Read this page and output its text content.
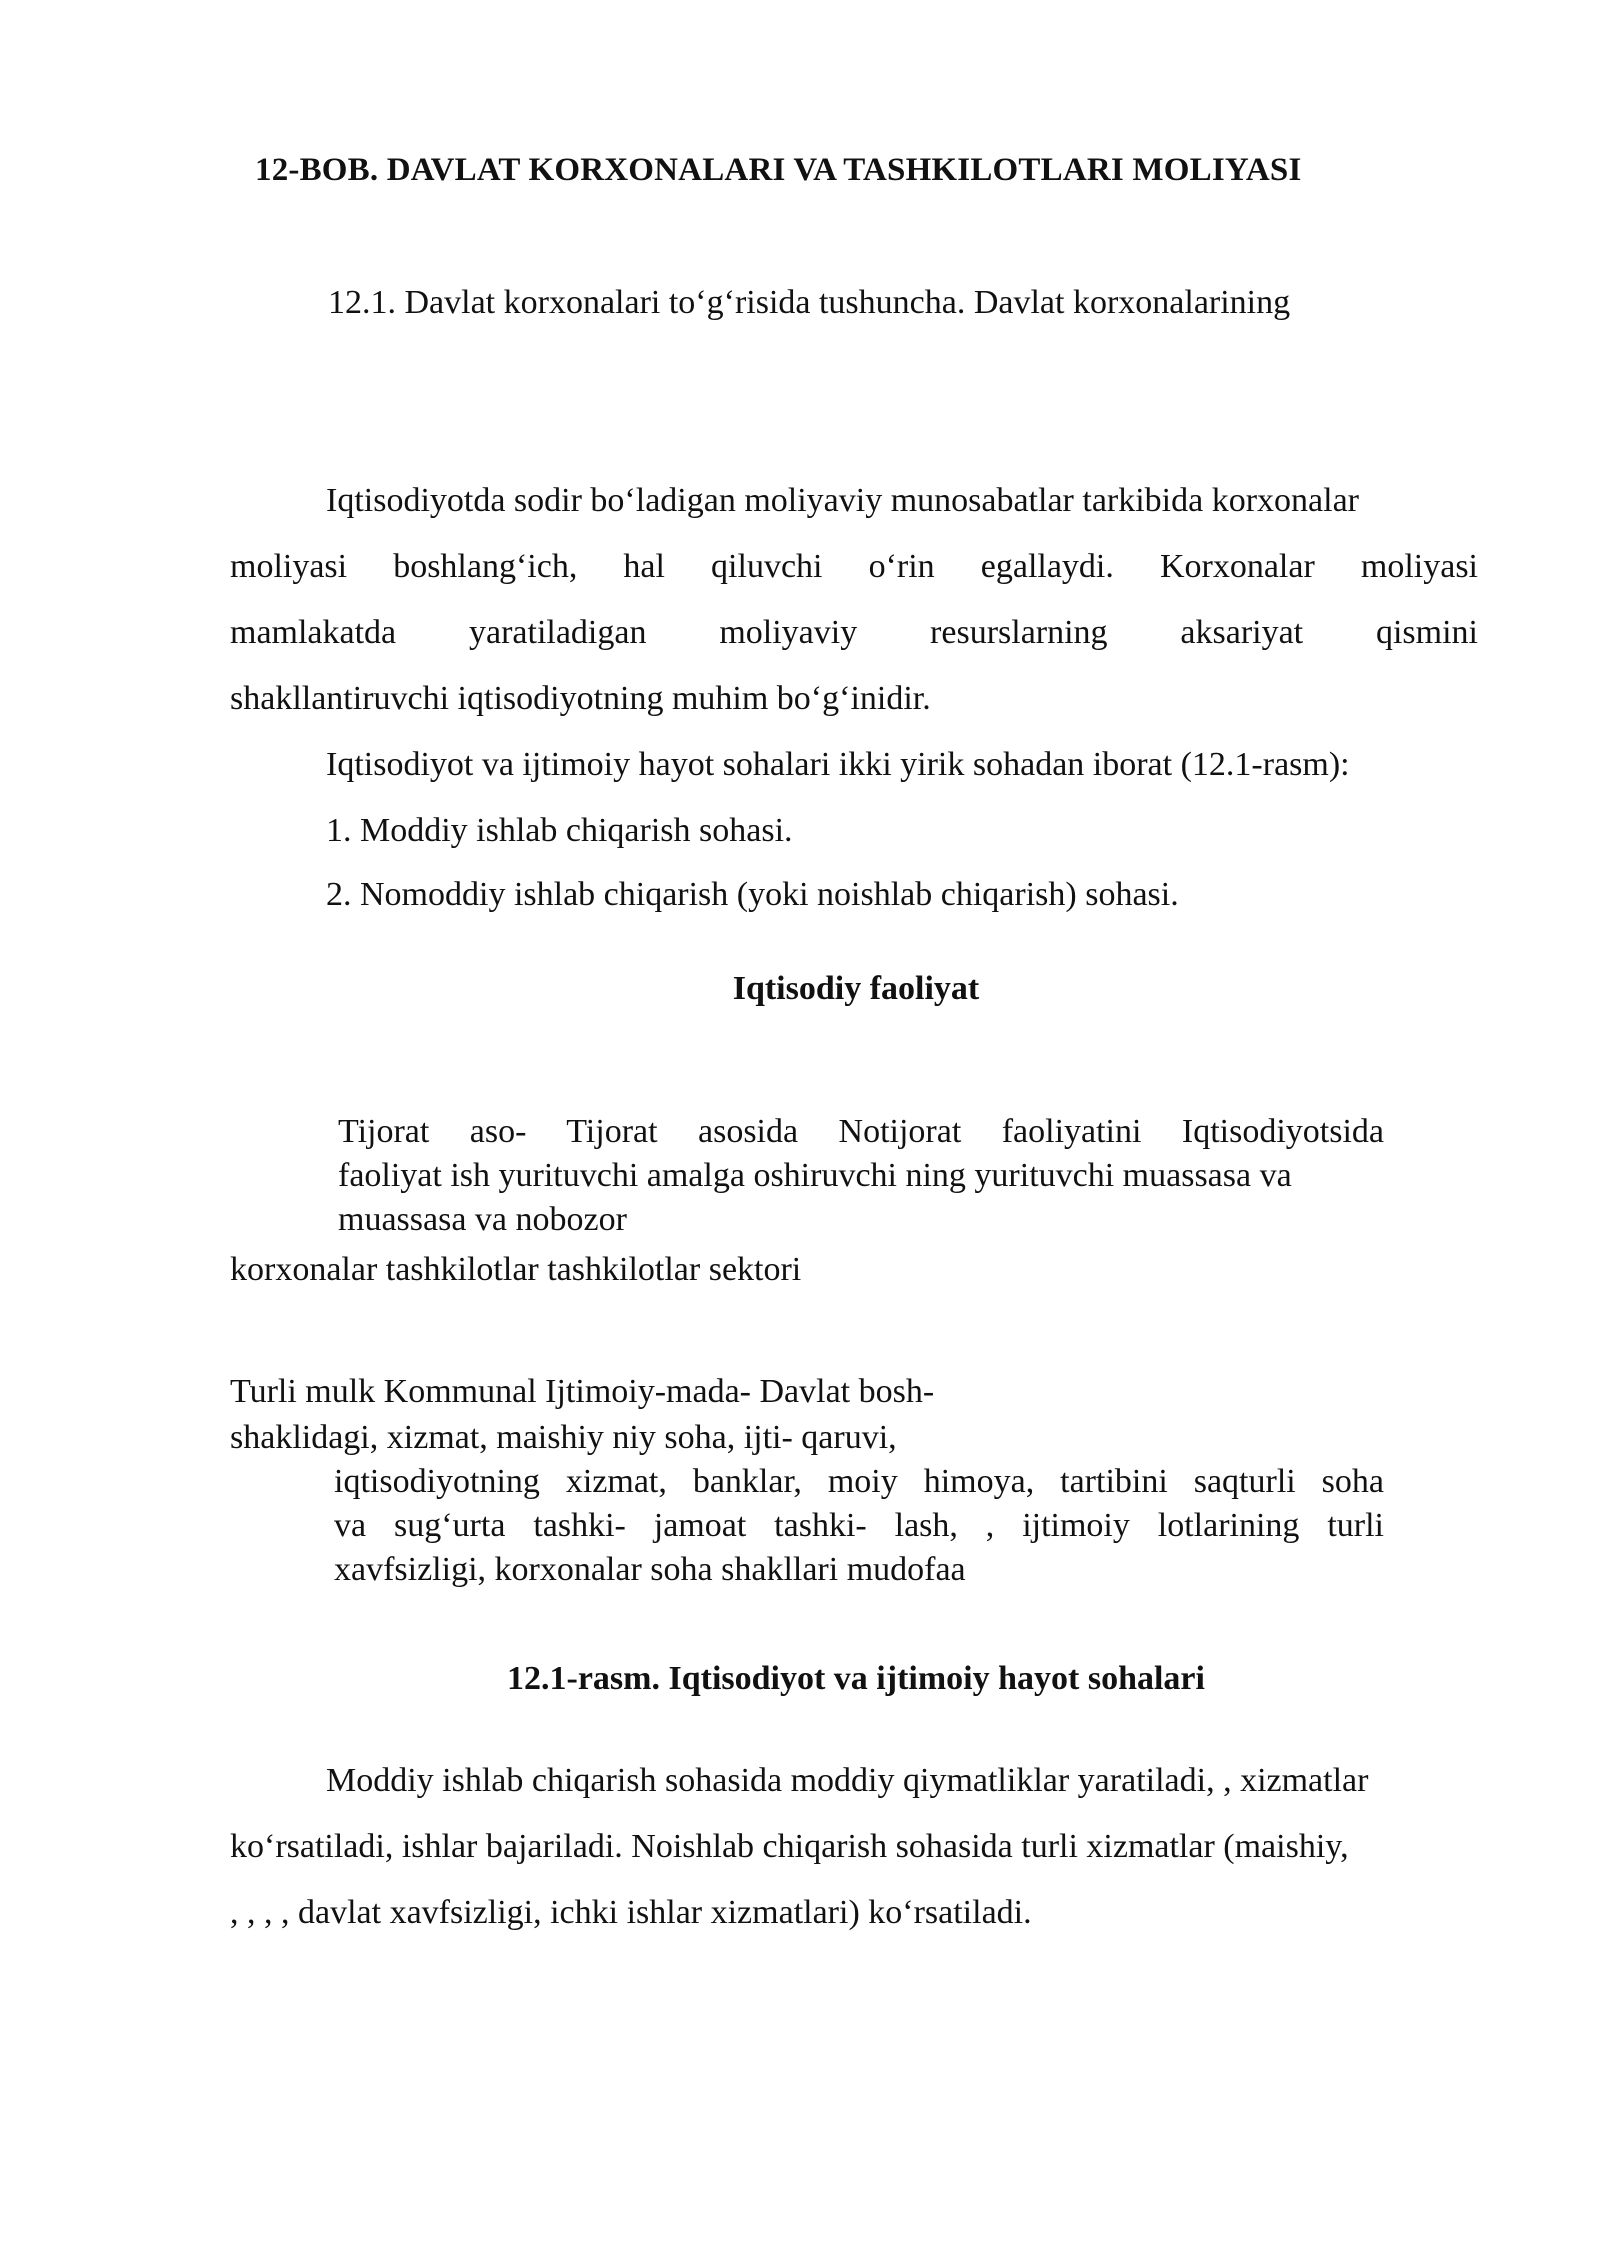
12-BOB. DAVLAT KORXONALARI VA TASHKILOTLARI MOLIYASI

12.1. Davlat korxonalari to‘g‘risida tushuncha. Davlat korxonalarining

Iqtisodiyotda sodir bo‘ladigan moliyaviy munosabatlar tarkibida korxonalar
moliyasi boshlang‘ich, hal qiluvchi o‘rin egallaydi. Korxonalar moliyasi
mamlakatda yaratiladigan moliyaviy resurslarning aksariyat qismini
shakllantiruvchi iqtisodiyotning muhim bo‘g‘inidir.
Iqtisodiyot va ijtimoiy hayot sohalari ikki yirik sohadan iborat (12.1-rasm):

1. Moddiy ishlab chiqarish sohasi.

2. Nomoddiy ishlab chiqarish (yoki noishlab chiqarish) sohasi.

Iqtisodiy faoliyat

Tijorat aso- Tijorat asosida Notijorat faoliyatini Iqtisodiyotsida
faoliyat ish yurituvchi amalga oshiruvchi ning yurituvchi muassasa va
muassasa va nobozor

korxonalar tashkilotlar tashkilotlar sektori

Turli mulk Kommunal Ijtimoiy-mada- Davlat bosh-

shaklidagi, xizmat, maishiy niy soha, ijti- qaruvi,

iqtisodiyotning xizmat, banklar, moiy himoya, tartibini saqturli soha
va sug‘urta tashki- jamoat tashki- lash, , ijtimoiy lotlarining turli
xavfsizligi, korxonalar soha shakllari mudofaa

12.1-rasm. Iqtisodiyot va ijtimoiy hayot sohalari

Moddiy ishlab chiqarish sohasida moddiy qiymatliklar yaratiladi, , xizmatlar
ko‘rsatiladi, ishlar bajariladi. Noishlab chiqarish sohasida turli xizmatlar (maishiy,
, , , , davlat xavfsizligi, ichki ishlar xizmatlari) ko‘rsatiladi.
